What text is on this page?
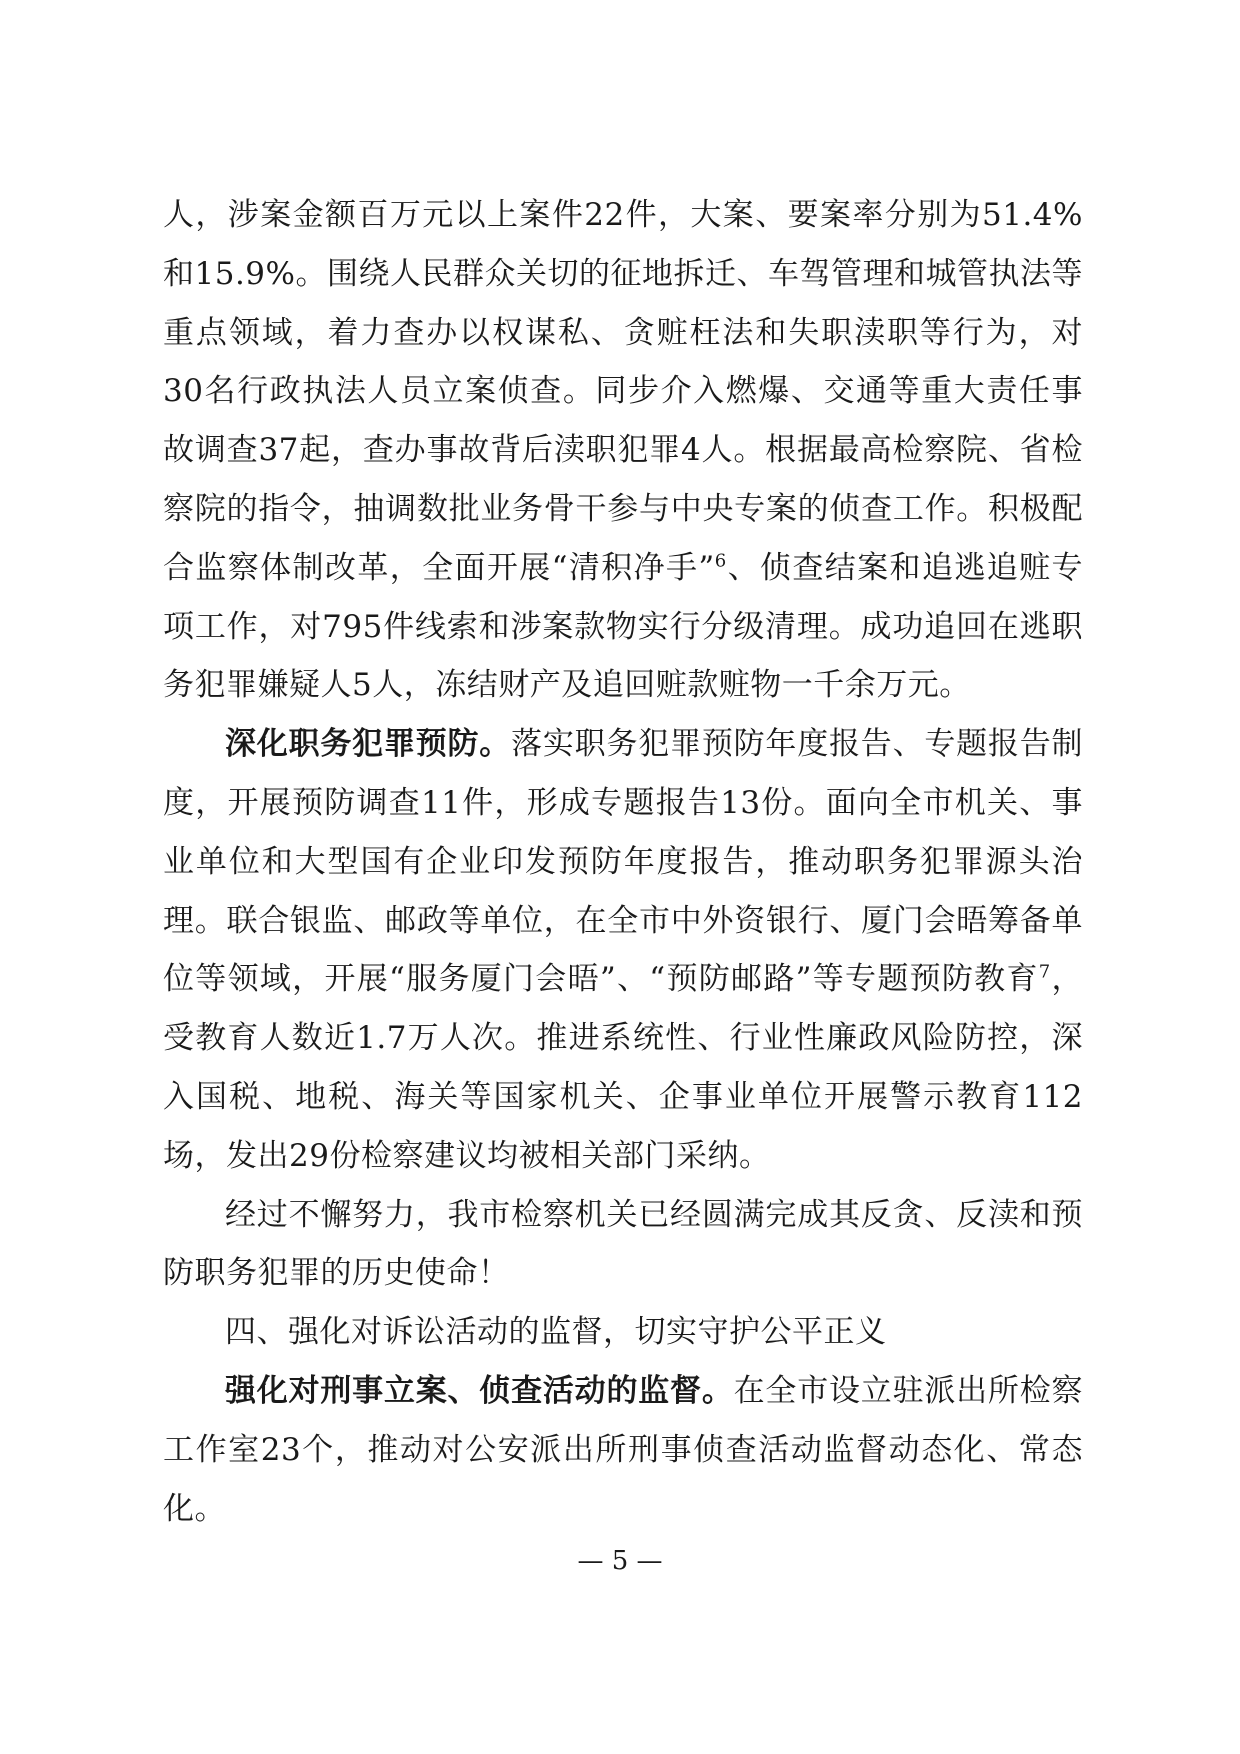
人，涉案金额百万元以上案件22件，大案、要案率分别为51.4%和15.9%。围绕人民群众关切的征地拆迁、车驾管理和城管执法等重点领域，着力查办以权谋私、贪赃枉法和失职渎职等行为，对30名行政执法人员立案侦查。同步介入燃爆、交通等重大责任事故调查37起，查办事故背后渎职犯罪4人。根据最高检察院、省检察院的指令，抽调数批业务骨干参与中央专案的侦查工作。积极配合监察体制改革，全面开展“清积净手”$^6$、侦查结案和追逃追赃专项工作，对795件线索和涉案款物实行分级清理。成功追回在逃职务犯罪嫌疑人5人，冻结财产及追回赃款赃物一千余万元。

深化职务犯罪预防。落实职务犯罪预防年度报告、专题报告制度，开展预防调查11件，形成专题报告13份。面向全市机关、事业单位和大型国有企业印发预防年度报告，推动职务犯罪源头治理。联合银监、邮政等单位，在全市中外资银行、厦门会晤筹备单位等领域，开展“服务厦门会晤”、“预防邮路”等专题预防教育$^7$，受教育人数近1.7万人次。推进系统性、行业性廉政风险防控，深入国税、地税、海关等国家机关、企事业单位开展警示教育112场，发出29份检察建议均被相关部门采纳。

经过不懈努力，我市检察机关已经圆满完成其反贪、反渎和预防职务犯罪的历史使命！

四、强化对诉讼活动的监督，切实守护公平正义

强化对刑事立案、侦查活动的监督。在全市设立驻派出所检察工作室23个，推动对公安派出所刑事侦查活动监督动态化、常态化。

— 5 —
